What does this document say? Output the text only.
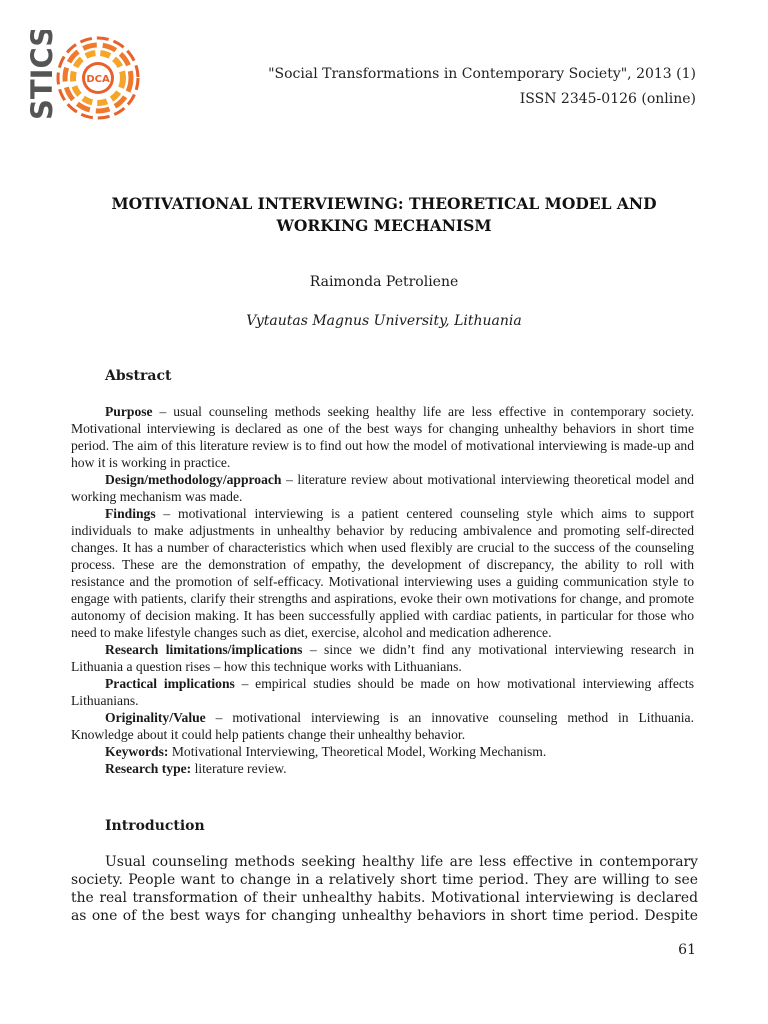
STICS	DCA	"Social Transformations in Contemporary Society", 2013 (1)
ISSN 2345-0126 (online)
MOTIVATIONAL INTERVIEWING: THEORETICAL MODEL AND
WORKING MECHANISM
Raimonda Petroliene
Vytautas Magnus University, Lithuania
Abstract

Purpose – usual counseling methods seeking healthy life are less effective in contemporary society. Motivational interviewing is declared as one of the best ways for changing unhealthy behaviors in short time period. The aim of this literature review is to find out how the model of motivational interviewing is made-up and how it is working in practice.

Design/methodology/approach – literature review about motivational interviewing theoretical model and working mechanism was made.

Findings – motivational interviewing is a patient centered counseling style which aims to support individuals to make adjustments in unhealthy behavior by reducing ambivalence and promoting self-directed changes. It has a number of characteristics which when used flexibly are crucial to the success of the counseling process. These are the demonstration of empathy, the development of discrepancy, the ability to roll with resistance and the promotion of self-efficacy. Motivational interviewing uses a guiding communication style to engage with patients, clarify their strengths and aspirations, evoke their own motivations for change, and promote autonomy of decision making. It has been successfully applied with cardiac patients, in particular for those who need to make lifestyle changes such as diet, exercise, alcohol and medication adherence.

Research limitations/implications – since we didn’t find any motivational interviewing research in Lithuania a question rises – how this technique works with Lithuanians.

Practical implications – empirical studies should be made on how motivational interviewing affects Lithuanians.

Originality/Value – motivational interviewing is an innovative counseling method in Lithuania. Knowledge about it could help patients change their unhealthy behavior.

Keywords: Motivational Interviewing, Theoretical Model, Working Mechanism.

Research type: literature review.

Introduction

Usual counseling methods seeking healthy life are less effective in contemporary society. People want to change in a relatively short time period. They are willing to see the real transformation of their unhealthy habits. Motivational interviewing is declared as one of the best ways for changing unhealthy behaviors in short time period. Despite

61
